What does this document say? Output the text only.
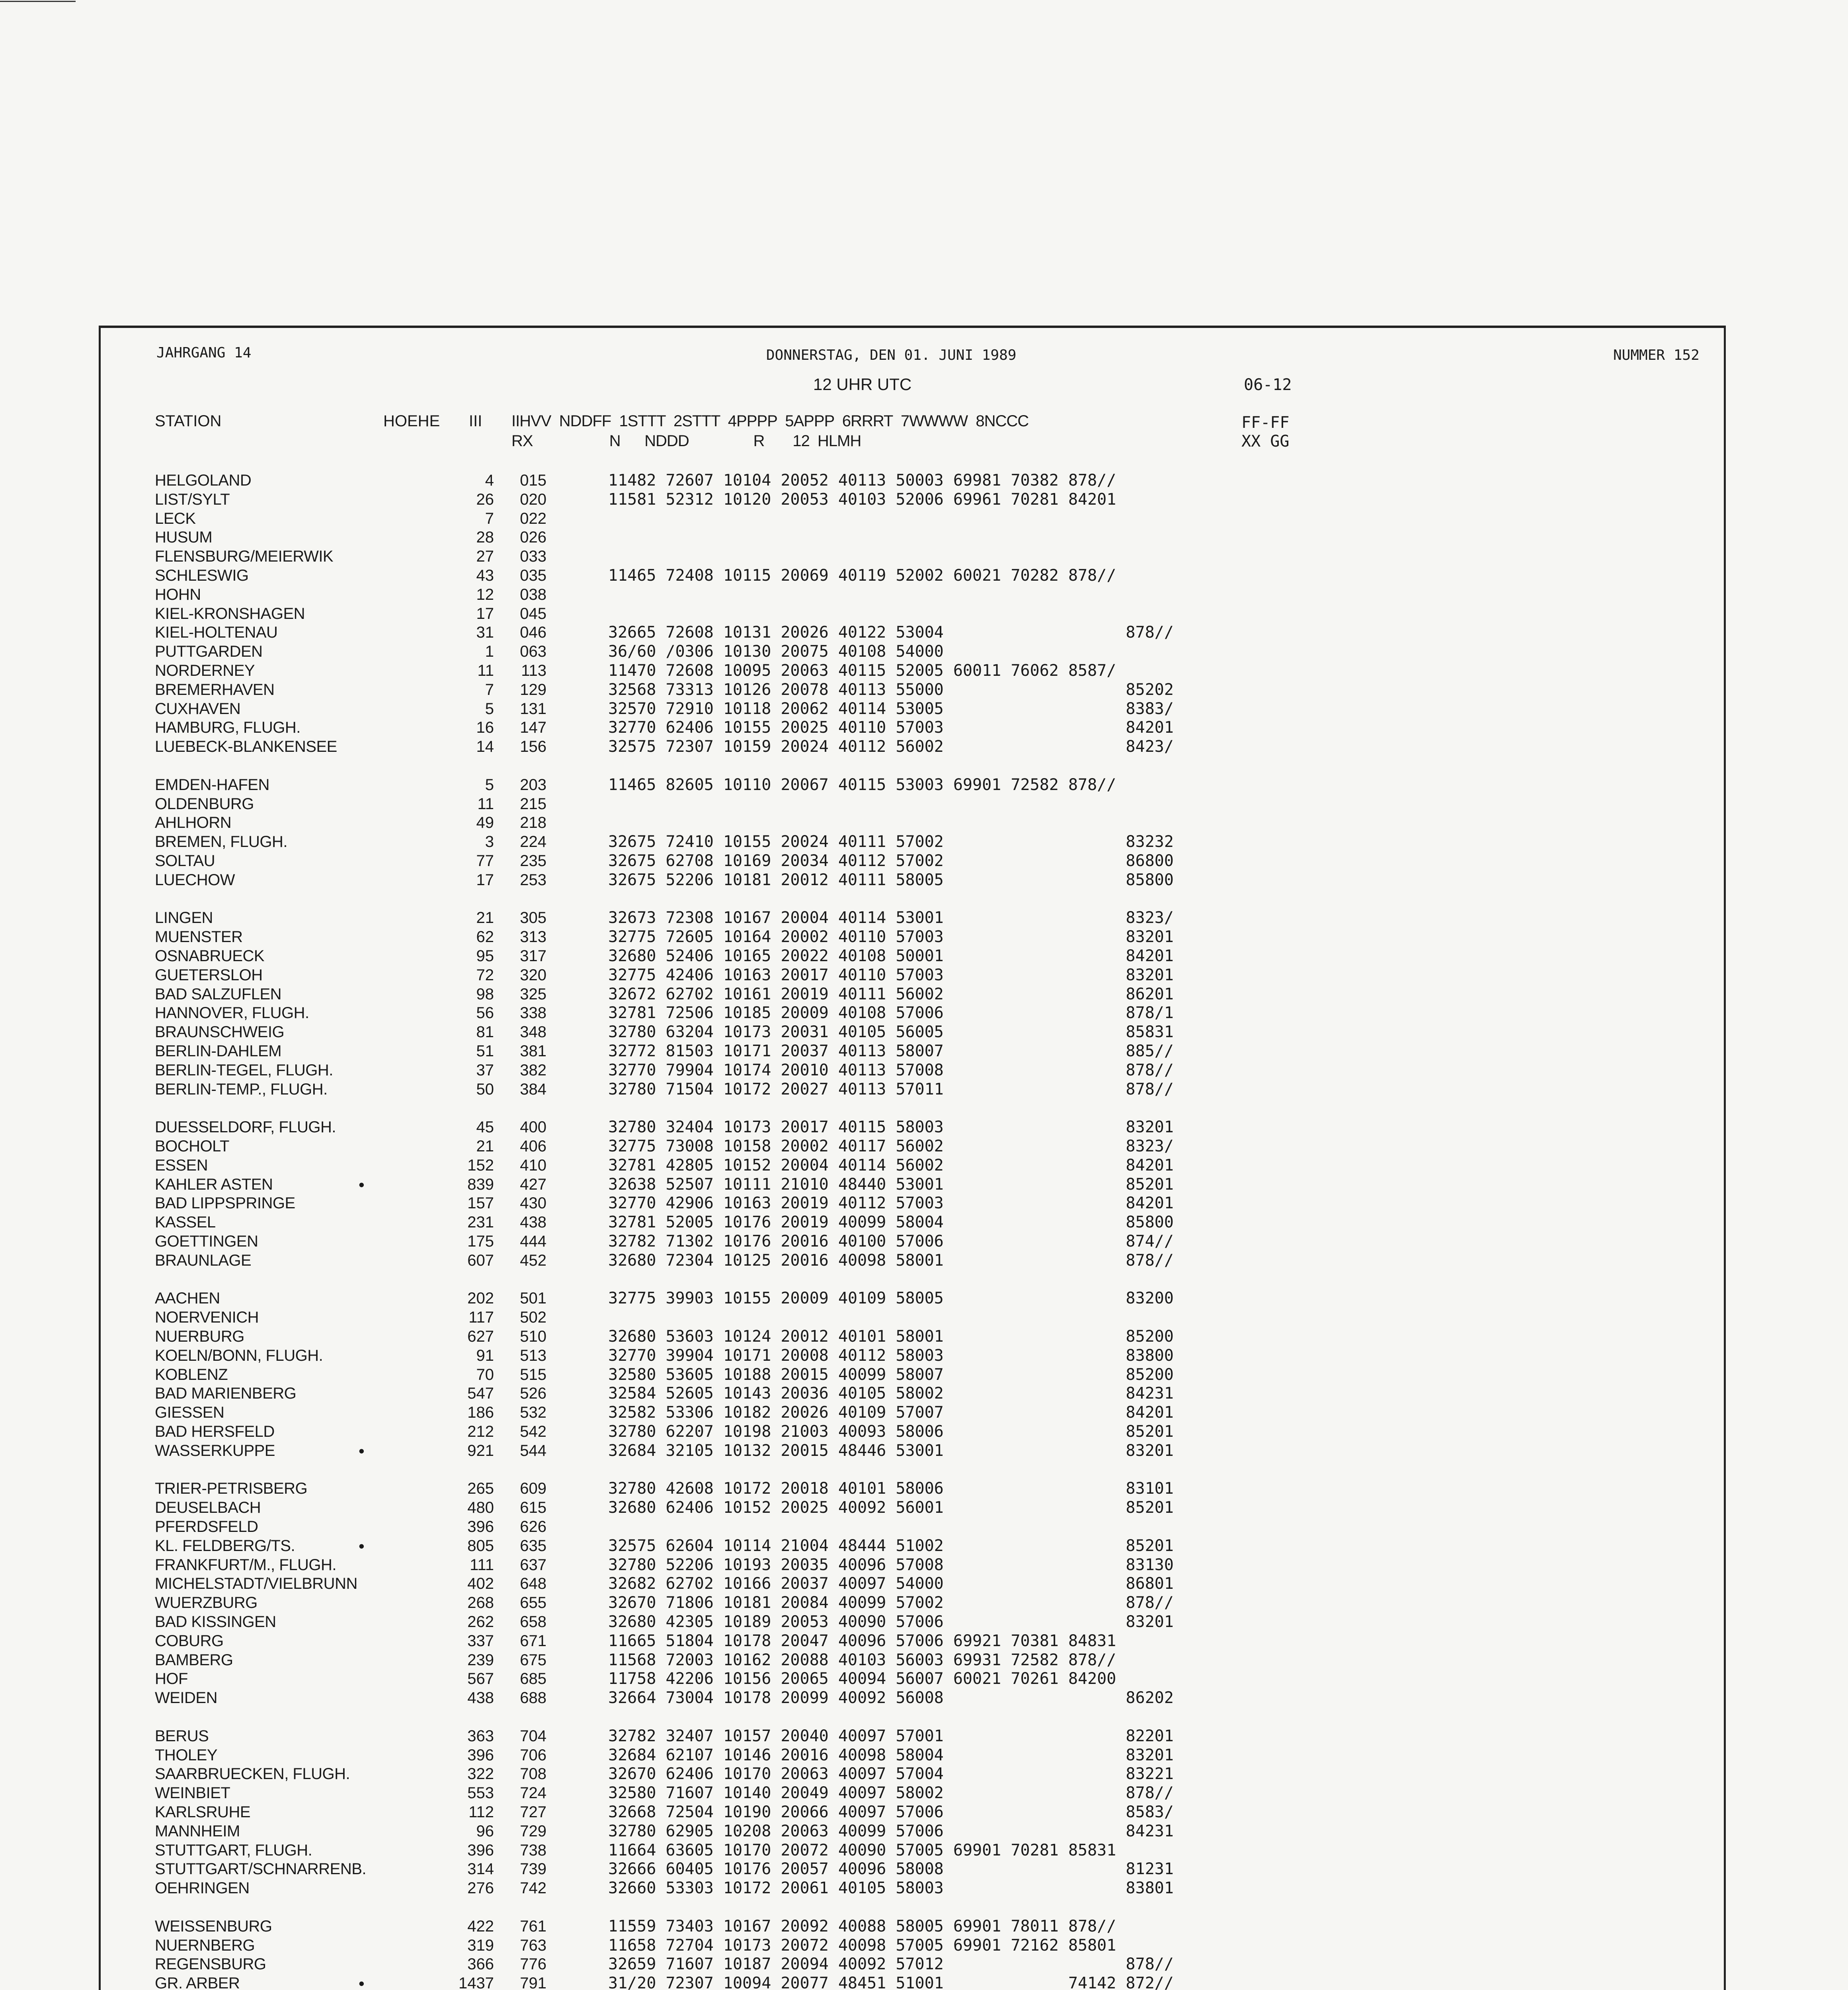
JAHRGANG 14	DONNERSTAG, DEN 01. JUNI 1989	NUMMER 152
12 UHR UTC	06-12
STATION	HOEHE III IIHVV  NDDFF  1STTT  2STTT  4PPPP  5APPP  6RRRT  7WWWW  8NCCC
RX                   N      NDDD                R       12  HLMH
FF-FF
XX GG
HELGOLAND	4	015	11482 72607 10104 20052 40113 50003 69981 70382 878//
LIST/SYLT	26	020	11581 52312 10120 20053 40103 52006 69961 70281 84201
LECK	7	022
HUSUM	28	026
FLENSBURG/MEIERWIK	27	033
SCHLESWIG	43	035	11465 72408 10115 20069 40119 52002 60021 70282 878//
HOHN	12	038
KIEL-KRONSHAGEN	17	045
KIEL-HOLTENAU	31	046	32665 72608 10131 20026 40122 53004                   878//
PUTTGARDEN	1	063	36/60 /0306 10130 20075 40108 54000
NORDERNEY	11	113	11470 72608 10095 20063 40115 52005 60011 76062 8587/
BREMERHAVEN	7	129	32568 73313 10126 20078 40113 55000                   85202
CUXHAVEN	5	131	32570 72910 10118 20062 40114 53005                   8383/
HAMBURG, FLUGH.	16	147	32770 62406 10155 20025 40110 57003                   84201
LUEBECK-BLANKENSEE	14	156	32575 72307 10159 20024 40112 56002                   8423/
EMDEN-HAFEN	5	203	11465 82605 10110 20067 40115 53003 69901 72582 878//
OLDENBURG	11	215
AHLHORN	49	218
BREMEN, FLUGH.	3	224	32675 72410 10155 20024 40111 57002                   83232
SOLTAU	77	235	32675 62708 10169 20034 40112 57002                   86800
LUECHOW	17	253	32675 52206 10181 20012 40111 58005                   85800
LINGEN	21	305	32673 72308 10167 20004 40114 53001                   8323/
MUENSTER	62	313	32775 72605 10164 20002 40110 57003                   83201
OSNABRUECK	95	317	32680 52406 10165 20022 40108 50001                   84201
GUETERSLOH	72	320	32775 42406 10163 20017 40110 57003                   83201
BAD SALZUFLEN	98	325	32672 62702 10161 20019 40111 56002                   86201
HANNOVER, FLUGH.	56	338	32781 72506 10185 20009 40108 57006                   878/1
BRAUNSCHWEIG	81	348	32780 63204 10173 20031 40105 56005                   85831
BERLIN-DAHLEM	51	381	32772 81503 10171 20037 40113 58007                   885//
BERLIN-TEGEL, FLUGH.	37	382	32770 79904 10174 20010 40113 57008                   878//
BERLIN-TEMP., FLUGH.	50	384	32780 71504 10172 20027 40113 57011                   878//
DUESSELDORF, FLUGH.	45	400	32780 32404 10173 20017 40115 58003                   83201
BOCHOLT	21	406	32775 73008 10158 20002 40117 56002                   8323/
ESSEN	152	410	32781 42805 10152 20004 40114 56002                   84201
KAHLER ASTEN	•	839	427	32638 52507 10111 21010 48440 53001                   85201
BAD LIPPSPRINGE	157	430	32770 42906 10163 20019 40112 57003                   84201
KASSEL	231	438	32781 52005 10176 20019 40099 58004                   85800
GOETTINGEN	175	444	32782 71302 10176 20016 40100 57006                   874//
BRAUNLAGE	607	452	32680 72304 10125 20016 40098 58001                   878//
AACHEN	202	501	32775 39903 10155 20009 40109 58005                   83200
NOERVENICH	117	502
NUERBURG	627	510	32680 53603 10124 20012 40101 58001                   85200
KOELN/BONN, FLUGH.	91	513	32770 39904 10171 20008 40112 58003                   83800
KOBLENZ	70	515	32580 53605 10188 20015 40099 58007                   85200
BAD MARIENBERG	547	526	32584 52605 10143 20036 40105 58002                   84231
GIESSEN	186	532	32582 53306 10182 20026 40109 57007                   84201
BAD HERSFELD	212	542	32780 62207 10198 21003 40093 58006                   85201
WASSERKUPPE	•	921	544	32684 32105 10132 20015 48446 53001                   83201
TRIER-PETRISBERG	265	609	32780 42608 10172 20018 40101 58006                   83101
DEUSELBACH	480	615	32680 62406 10152 20025 40092 56001                   85201
PFERDSFELD	396	626
KL. FELDBERG/TS.	•	805	635	32575 62604 10114 21004 48444 51002                   85201
FRANKFURT/M., FLUGH.	111	637	32780 52206 10193 20035 40096 57008                   83130
MICHELSTADT/VIELBRUNN	402	648	32682 62702 10166 20037 40097 54000                   86801
WUERZBURG	268	655	32670 71806 10181 20084 40099 57002                   878//
BAD KISSINGEN	262	658	32680 42305 10189 20053 40090 57006                   83201
COBURG	337	671	11665 51804 10178 20047 40096 57006 69921 70381 84831
BAMBERG	239	675	11568 72003 10162 20088 40103 56003 69931 72582 878//
HOF	567	685	11758 42206 10156 20065 40094 56007 60021 70261 84200
WEIDEN	438	688	32664 73004 10178 20099 40092 56008                   86202
BERUS	363	704	32782 32407 10157 20040 40097 57001                   82201
THOLEY	396	706	32684 62107 10146 20016 40098 58004                   83201
SAARBRUECKEN, FLUGH.	322	708	32670 62406 10170 20063 40097 57004                   83221
WEINBIET	553	724	32580 71607 10140 20049 40097 58002                   878//
KARLSRUHE	112	727	32668 72504 10190 20066 40097 57006                   8583/
MANNHEIM	96	729	32780 62905 10208 20063 40099 57006                   84231
STUTTGART, FLUGH.	396	738	11664 63605 10170 20072 40090 57005 69901 70281 85831
STUTTGART/SCHNARRENB.	314	739	32666 60405 10176 20057 40096 58008                   81231
OEHRINGEN	276	742	32660 53303 10172 20061 40105 58003                   83801
WEISSENBURG	422	761	11559 73403 10167 20092 40088 58005 69901 78011 878//
NUERNBERG	319	763	11658 72704 10173 20072 40098 57005 69901 72162 85801
REGENSBURG	366	776	32659 71607 10187 20094 40092 57012                   878//
GR. ARBER	•	1437	791	31/20 72307 10094 20077 48451 51001             74142 872//
